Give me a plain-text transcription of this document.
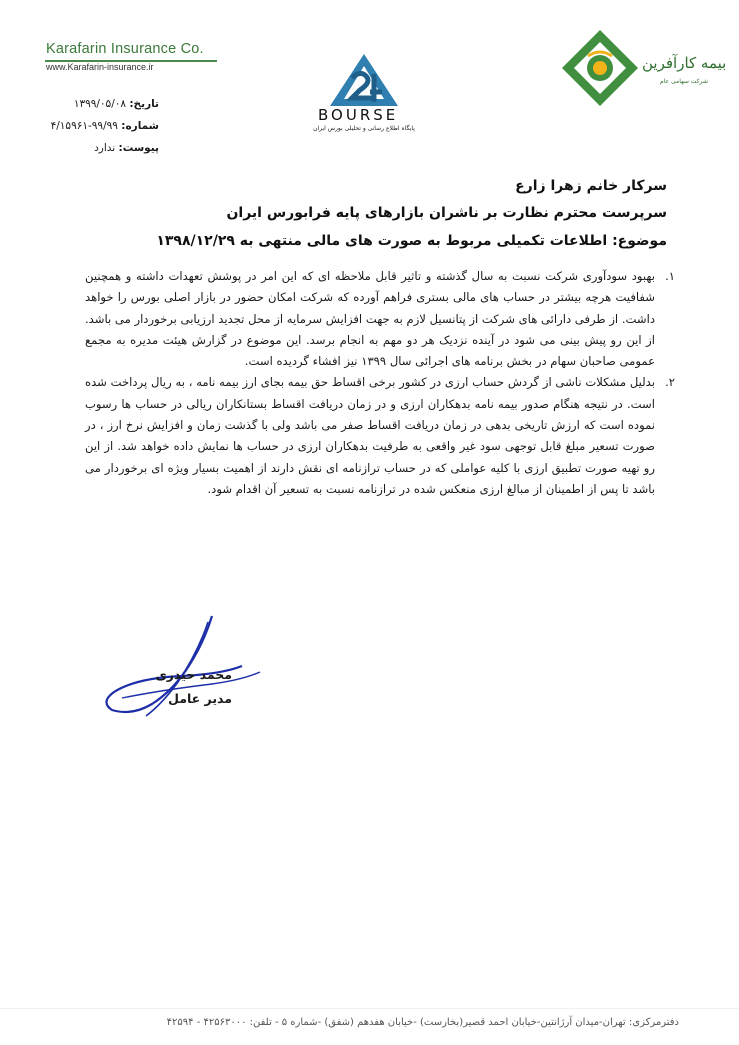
Karafarin Insurance Co.
www.Karafarin-insurance.ir
BOURSE
پایگاه اطلاع رسانی و تحلیلی بورس ایران
بیمه کارآفرین
شرکت سهامی عام
تاریخ: ۱۳۹۹/۰۵/۰۸
شماره: ۹۹/۹۹-۴/۱۵۹۶۱
پیوست: ندارد
سرکار خانم زهرا زارع
سرپرست محترم نظارت بر ناشران بازارهای پایه فرابورس ایران
موضوع: اطلاعات تکمیلی مربوط به صورت های مالی منتهی به ۱۳۹۸/۱۲/۲۹
۱.
بهبود سودآوری شرکت نسبت به سال گذشته و تاثیر قابل ملاحظه ای که این امر در پوشش تعهدات داشته و همچنین شفافیت هرچه بیشتر در حساب های مالی بستری فراهم آورده که شرکت امکان حضور در بازار اصلی بورس را خواهد داشت. از طرفی دارائی های شرکت از پتانسیل لازم به جهت افزایش سرمایه از محل تجدید ارزیابی برخوردار می باشد. از این رو پیش بینی می شود در آینده نزدیک هر دو مهم به انجام برسد. این موضوع در گزارش هیئت مدیره به مجمع عمومی صاحبان سهام در بخش برنامه های اجرائی سال ۱۳۹۹ نیز افشاء گردیده است.
۲.
بدلیل مشکلات ناشی از گردش حساب ارزی در کشور برخی اقساط حق بیمه بجای ارز بیمه نامه ، به ریال پرداخت شده است. در نتیجه هنگام صدور بیمه نامه بدهکاران ارزی و در زمان دریافت اقساط بستانکاران ریالی در حساب ها رسوب نموده است که ارزش تاریخی بدهی در زمان دریافت اقساط صفر می باشد ولی با گذشت زمان و افزایش نرخ ارز ، در صورت تسعیر مبلغ قابل توجهی سود غیر واقعی به طرفیت بدهکاران ارزی در حساب ها نمایش داده خواهد شد. از این رو تهیه صورت تطبیق ارزی با کلیه عواملی که در حساب ترازنامه ای نقش دارند از اهمیت بسیار ویژه ای برخوردار می باشد تا پس از اطمینان از مبالغ ارزی منعکس شده در ترازنامه نسبت به تسعیر آن اقدام شود.
محمد حیدری
مدیر عامل
دفترمرکزی: تهران-میدان آرژانتین-خیابان احمد قصیر(بخارست) -خیابان هفدهم (شفق) -شماره ۵ - تلفن: ۴۲۵۶۳۰۰۰ - ۴۲۵۹۴
